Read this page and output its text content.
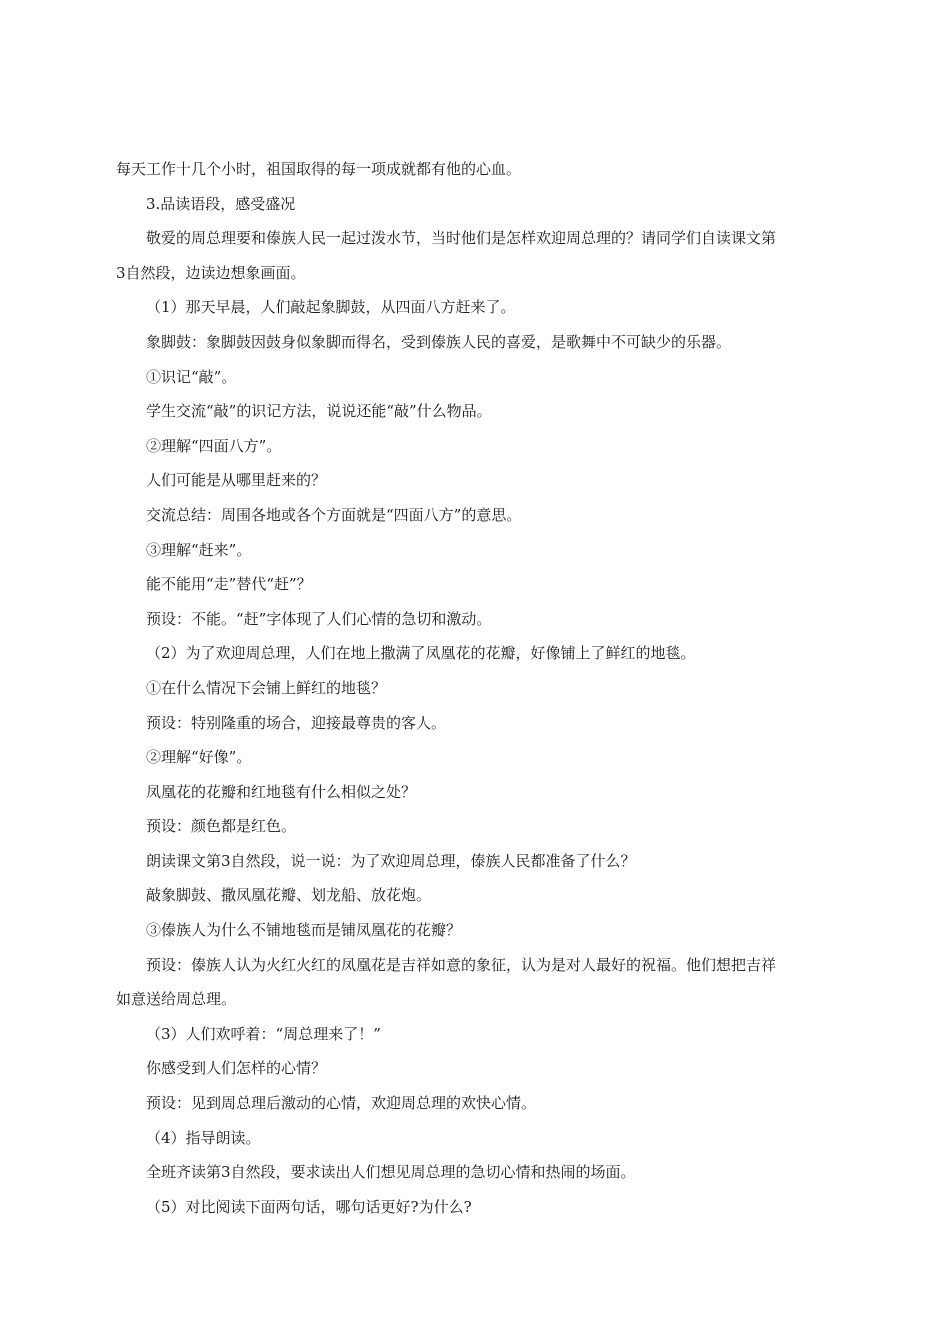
每天工作十几个小时，祖国取得的每一项成就都有他的心血。
3.品读语段，感受盛况
敬爱的周总理要和傣族人民一起过泼水节，当时他们是怎样欢迎周总理的？请同学们自读课文第
3自然段，边读边想象画面。
（1）那天早晨，人们敲起象脚鼓，从四面八方赶来了。
象脚鼓：象脚鼓因鼓身似象脚而得名，受到傣族人民的喜爱，是歌舞中不可缺少的乐器。
①识记“敲”。
学生交流“敲”的识记方法，说说还能“敲”什么物品。
②理解“四面八方”。
人们可能是从哪里赶来的？
交流总结：周围各地或各个方面就是“四面八方”的意思。
③理解“赶来”。
能不能用“走”替代“赶”？
预设：不能。“赶”字体现了人们心情的急切和激动。
（2）为了欢迎周总理，人们在地上撒满了凤凰花的花瓣，好像铺上了鲜红的地毯。
①在什么情况下会铺上鲜红的地毯？
预设：特别隆重的场合，迎接最尊贵的客人。
②理解“好像”。
凤凰花的花瓣和红地毯有什么相似之处？
预设：颜色都是红色。
朗读课文第3自然段，说一说：为了欢迎周总理，傣族人民都准备了什么？
敲象脚鼓、撒凤凰花瓣、划龙船、放花炮。
③傣族人为什么不铺地毯而是铺凤凰花的花瓣？
预设：傣族人认为火红火红的凤凰花是吉祥如意的象征，认为是对人最好的祝福。他们想把吉祥
如意送给周总理。
（3）人们欢呼着：“周总理来了！”
你感受到人们怎样的心情？
预设：见到周总理后激动的心情，欢迎周总理的欢快心情。
（4）指导朗读。
全班齐读第3自然段，要求读出人们想见周总理的急切心情和热闹的场面。
（5）对比阅读下面两句话，哪句话更好?为什么?
